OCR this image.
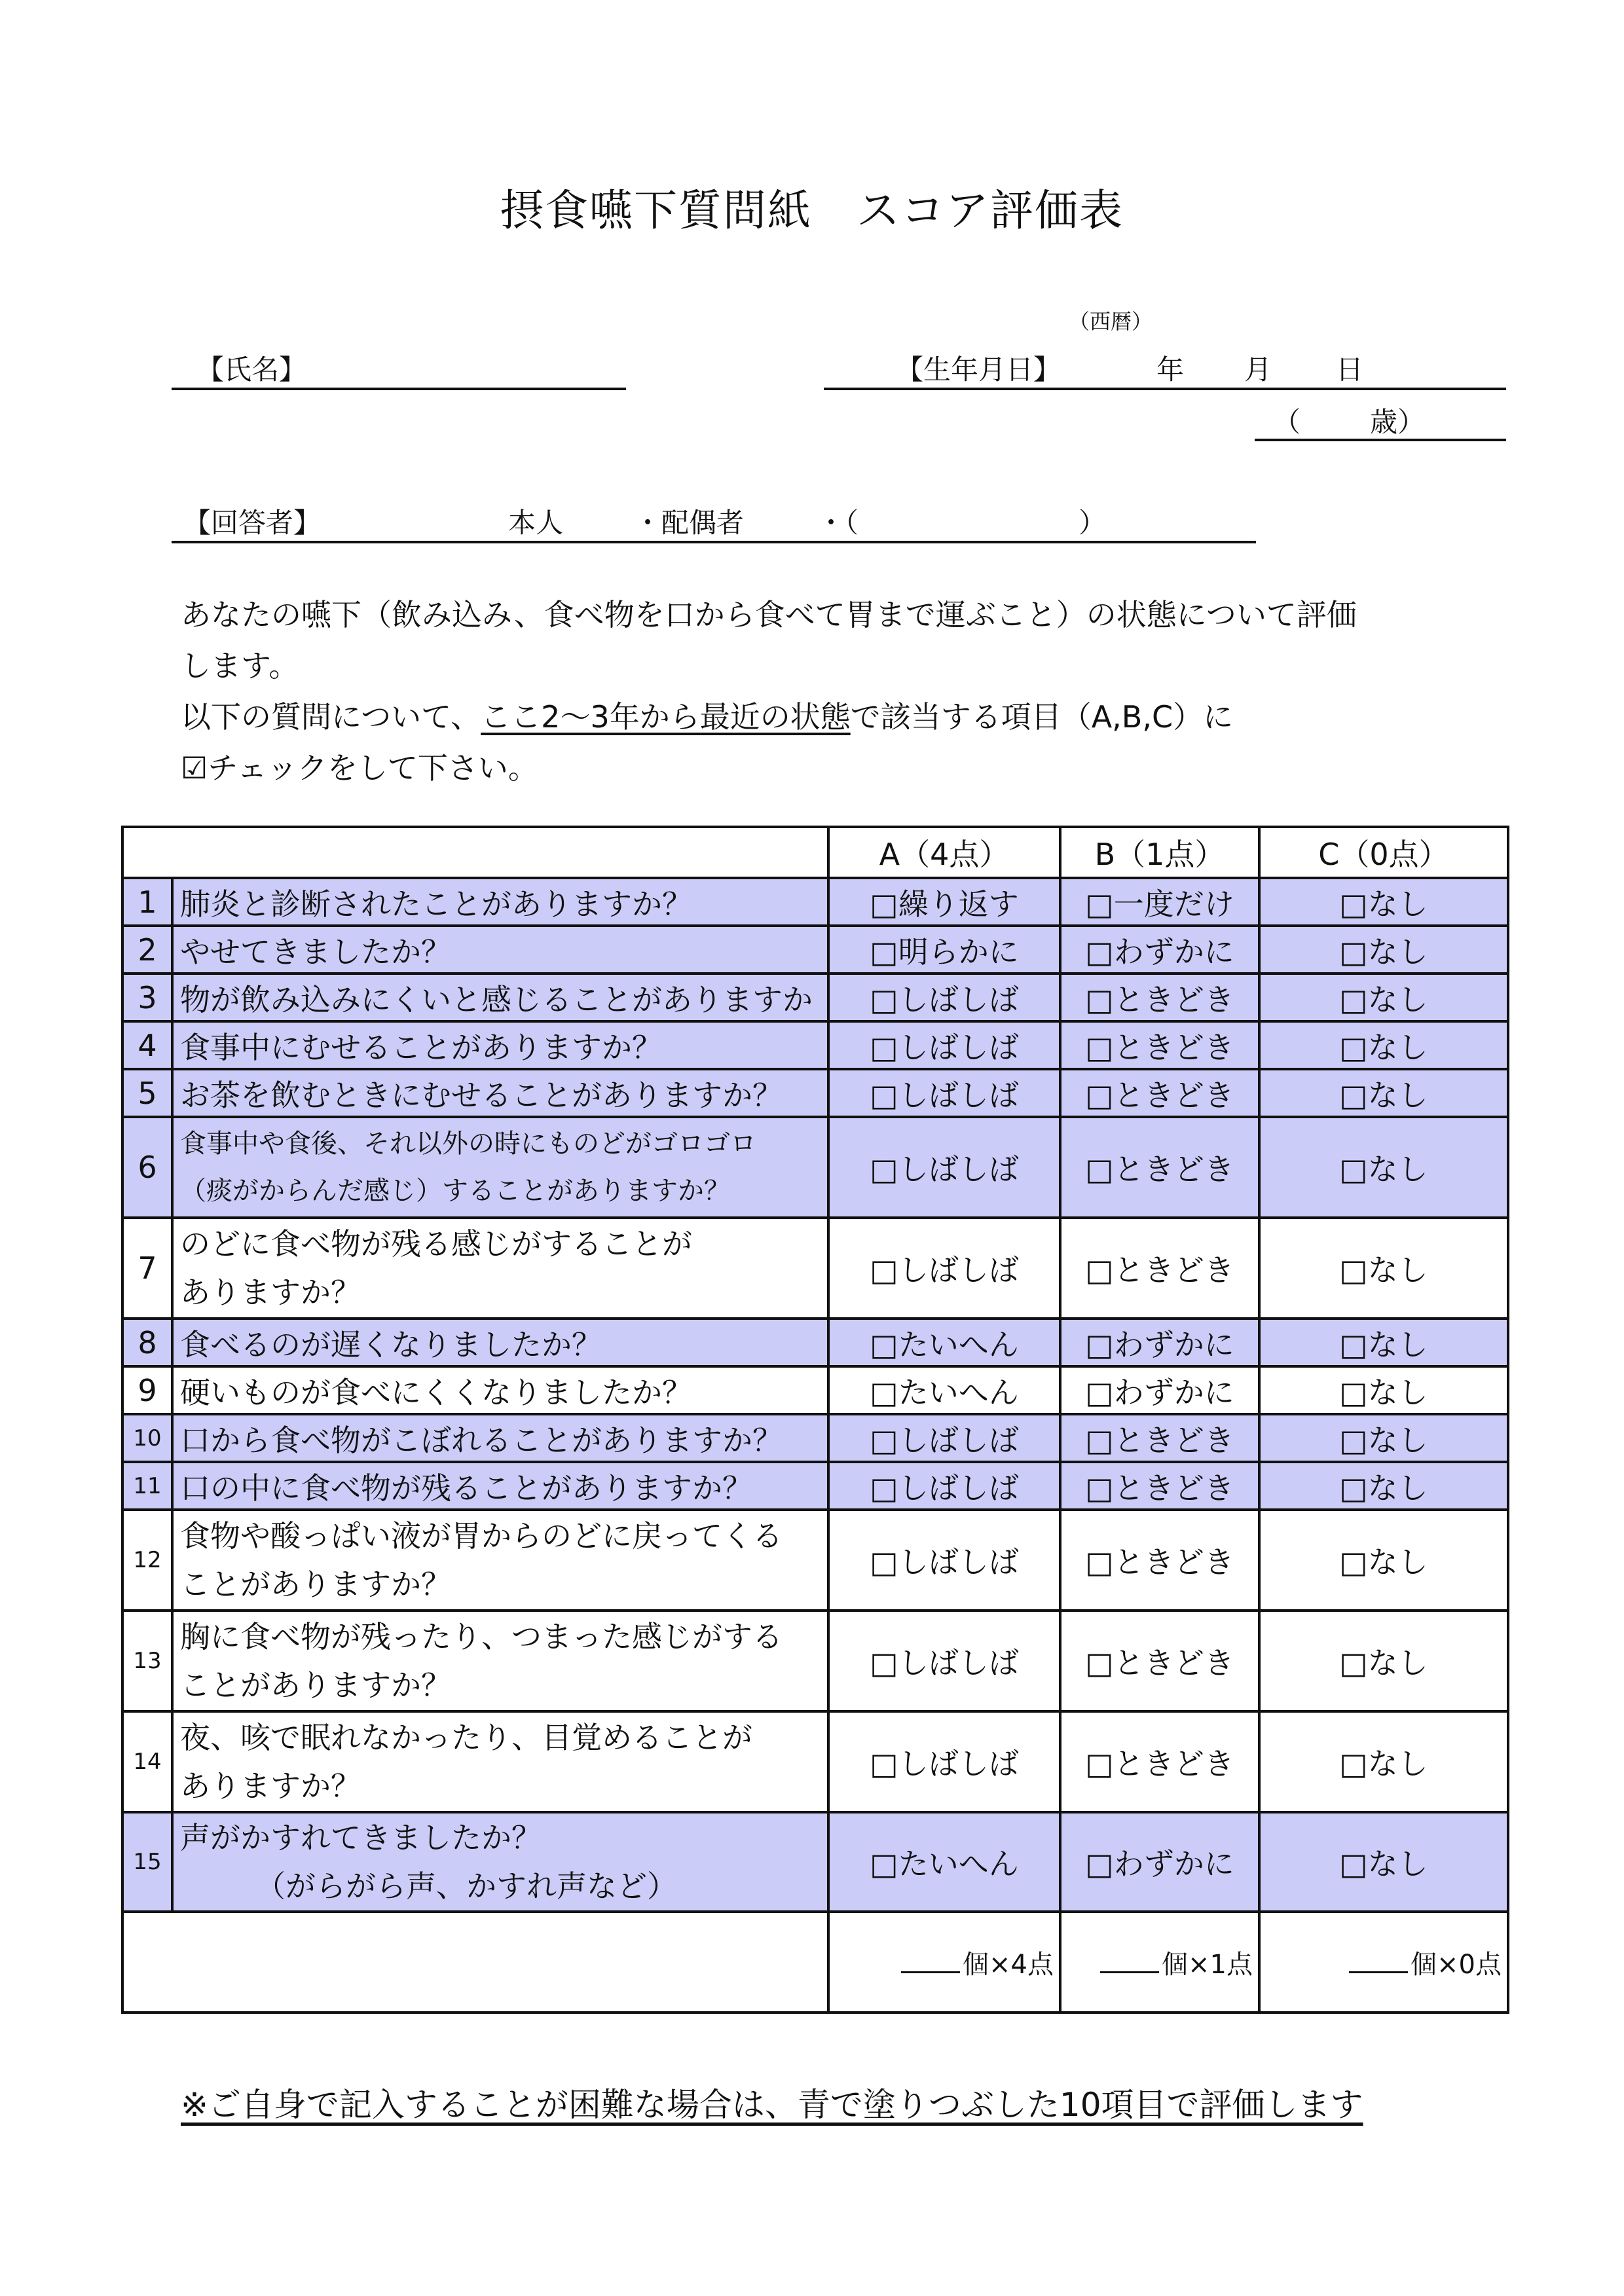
摂食嚥下質問紙　スコア評価表
【氏名】
（西暦）
【生年月日】	年 月 日
（	歳）
【回答者】	本人	・配偶者	・（　　　　　　　　）

あなたの嚥下（飲み込み、食べ物を口から食べて胃まで運ぶこと）の状態について評価

します。

以下の質問について、ここ2～3年から最近の状態で該当する項目（A,B,C）に

☑チェックをして下さい。

		A（4点）	B（1点）	C（0点）
1	肺炎と診断されたことがありますか？	□繰り返す	□一度だけ	□なし
2	やせてきましたか？	□明らかに	□わずかに	□なし
3	物が飲み込みにくいと感じることがありますか	□しばしば	□ときどき	□なし
4	食事中にむせることがありますか？	□しばしば	□ときどき	□なし
5	お茶を飲むときにむせることがありますか？	□しばしば	□ときどき	□なし
6	食事中や食後、それ以外の時にものどがゴロゴロ
（痰がからんだ感じ）することがありますか？	□しばしば	□ときどき	□なし
7	のどに食べ物が残る感じがすることが
ありますか？	□しばしば	□ときどき	□なし
8	食べるのが遅くなりましたか？	□たいへん	□わずかに	□なし
9	硬いものが食べにくくなりましたか？	□たいへん	□わずかに	□なし
10	口から食べ物がこぼれることがありますか？	□しばしば	□ときどき	□なし
11	口の中に食べ物が残ることがありますか？	□しばしば	□ときどき	□なし
12	食物や酸っぱい液が胃からのどに戻ってくる
ことがありますか？	□しばしば	□ときどき	□なし
13	胸に食べ物が残ったり、つまった感じがする
ことがありますか？	□しばしば	□ときどき	□なし
14	夜、咳で眠れなかったり、目覚めることが
ありますか？	□しばしば	□ときどき	□なし
15	声がかすれてきましたか？
　　　（がらがら声、かすれ声など）	□たいへん	□わずかに	□なし
		個×4点	個×1点	個×0点
※ご自身で記入することが困難な場合は、青で塗りつぶした10項目で評価します
